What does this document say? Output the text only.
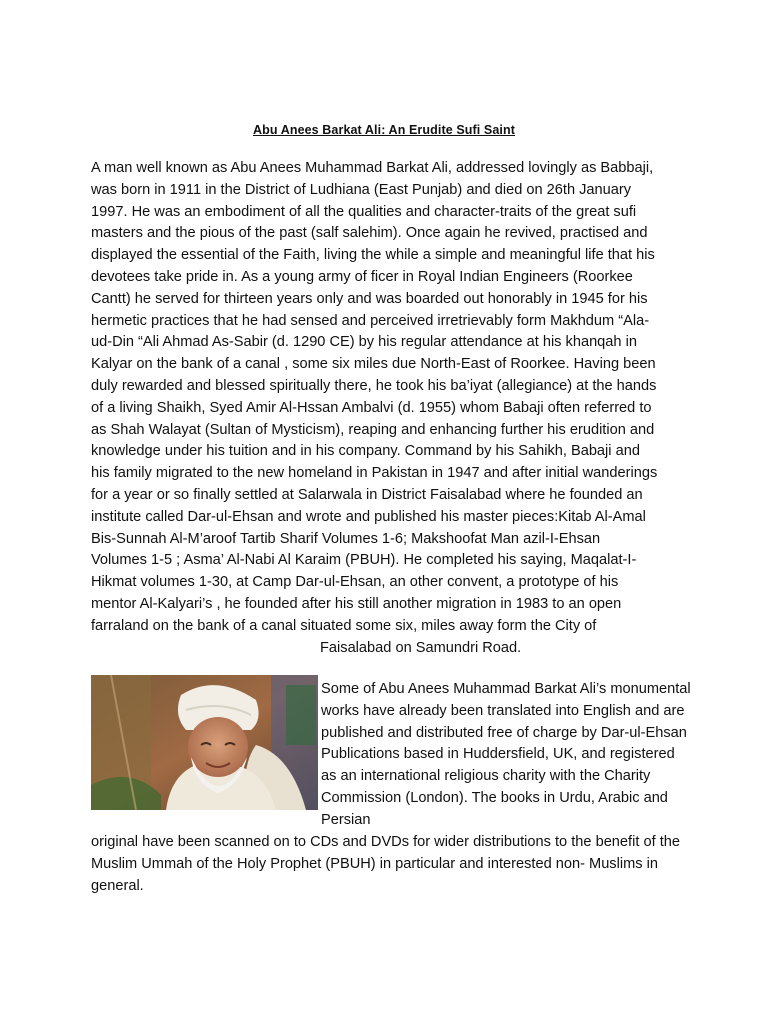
Abu Anees Barkat Ali: An Erudite Sufi Saint
A man well known as Abu Anees Muhammad Barkat Ali, addressed lovingly as Babbaji,
was born in 1911 in the District of Ludhiana (East Punjab) and died on 26th January
1997. He was an embodiment of all the qualities and character-traits of the great sufi
masters and the pious of the past (salf salehim). Once again he revived, practised and
displayed the essential of the Faith, living the while a simple and meaningful life that his
devotees take pride in. As a young army of ficer in Royal Indian Engineers (Roorkee
Cantt) he served for thirteen years only and was boarded out honorably in 1945 for his
hermetic practices that he had sensed and perceived irretrievably form Makhdum “Ala-
ud-Din “Ali Ahmad As-Sabir (d. 1290 CE) by his regular attendance at his khanqah in
Kalyar on the bank of a canal , some six miles due North-East of Roorkee. Having been
duly rewarded and blessed spiritually there, he took his ba’iyat (allegiance) at the hands
of a living Shaikh, Syed Amir Al-Hssan Ambalvi (d. 1955) whom Babaji often referred to
as Shah Walayat (Sultan of Mysticism), reaping and enhancing further his erudition and
knowledge under his tuition and in his company. Command by his Sahikh, Babaji and
his family migrated to the new homeland in Pakistan in 1947 and after initial wanderings
for a year or so finally settled at Salarwala in District Faisalabad where he founded an
institute called Dar-ul-Ehsan and wrote and published his master pieces:Kitab Al-Amal
Bis-Sunnah Al-M’aroof Tartib Sharif Volumes 1-6; Makshoofat Man azil-I-Ehsan
Volumes 1-5 ; Asma’ Al-Nabi Al Karaim (PBUH). He completed his saying, Maqalat-I-
Hikmat volumes 1-30, at Camp Dar-ul-Ehsan, an other convent, a prototype of his
mentor Al-Kalyari’s , he founded after his still another migration in 1983 to an open
farraland on the bank of a canal situated some six, miles away form the City of
Faisalabad on Samundri Road.
Some of Abu Anees Muhammad Barkat Ali’s monumental works have already been translated into English and are published and distributed free of charge by Dar-ul-Ehsan Publications based in Huddersfield, UK, and registered as an international religious charity with the Charity Commission (London). The books in Urdu, Arabic and Persian
original have been scanned on to CDs and DVDs for wider distributions to the benefit of the Muslim Ummah of the Holy Prophet (PBUH) in particular and interested non- Muslims in general.
